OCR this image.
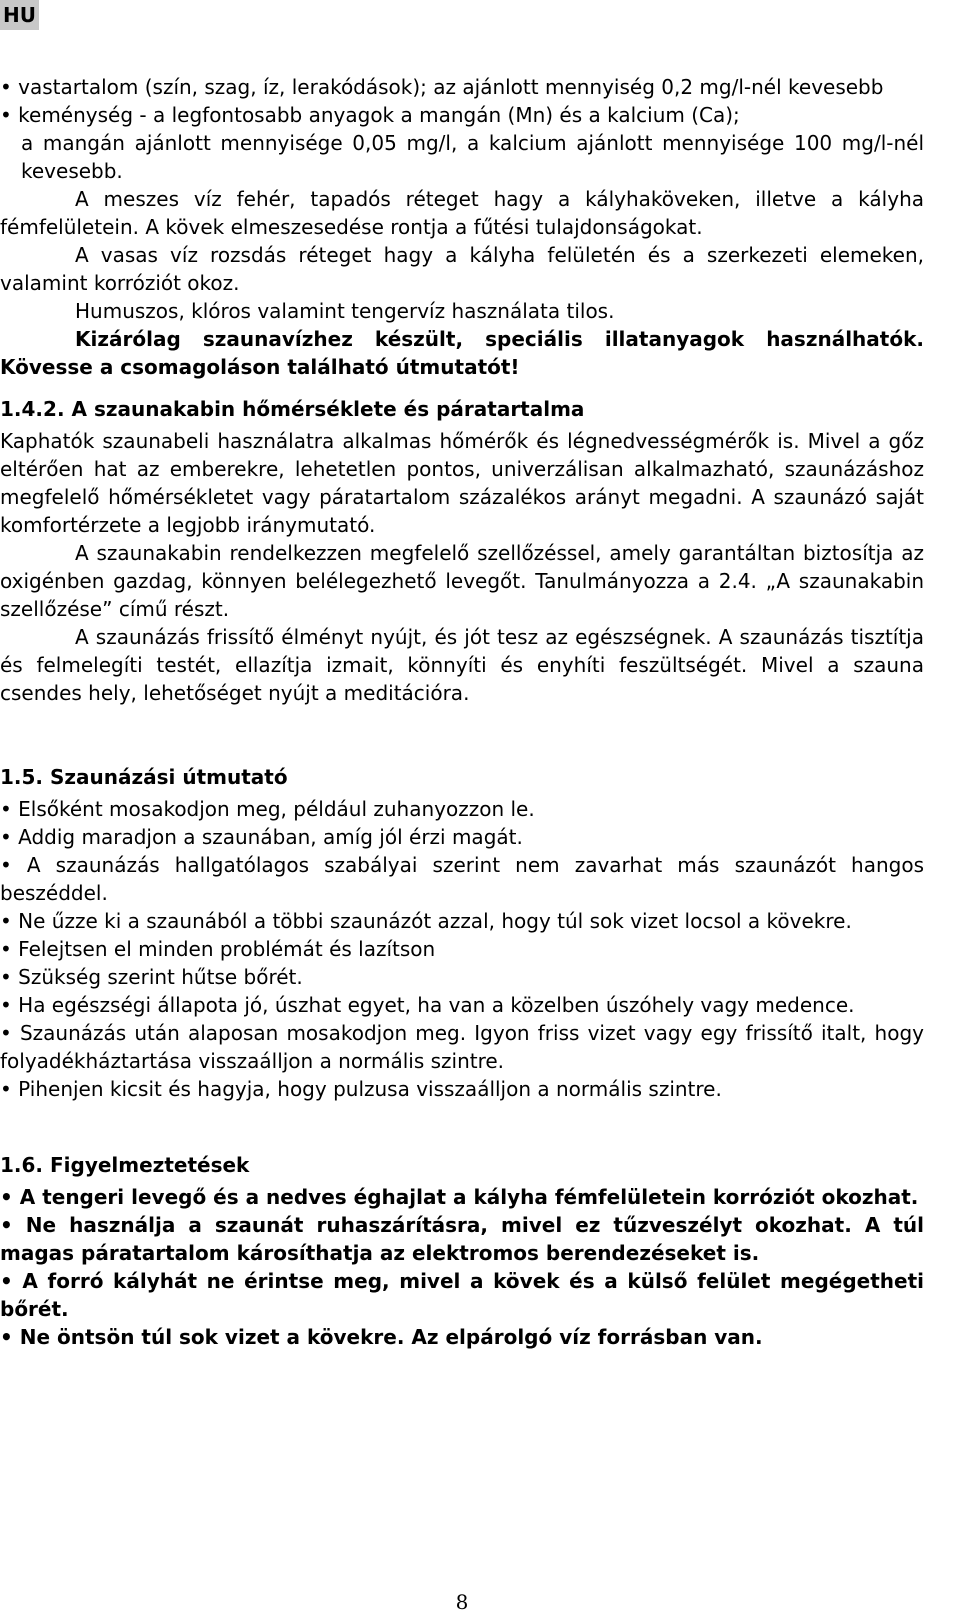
HU

• vastartalom (szín, szag, íz, lerakódások); az ajánlott mennyiség 0,2 mg/l-nél kevesebb

• keménység - a legfontosabb anyagok a mangán (Mn) és a kalcium (Ca);

a mangán ajánlott mennyisége 0,05 mg/l, a kalcium ajánlott mennyisége 100 mg/l-nél kevesebb.

A meszes víz fehér, tapadós réteget hagy a kályhaköveken, illetve a kályha fémfelületein. A kövek elmeszesedése rontja a fűtési tulajdonságokat.

A vasas víz rozsdás réteget hagy a kályha felületén és a szerkezeti elemeken, valamint korróziót okoz.

Humuszos, klóros valamint tengervíz használata tilos.

Kizárólag szaunavízhez készült, speciális illatanyagok használhatók. Kövesse a csomagoláson található útmutatót!

1.4.2. A szaunakabin hőmérséklete és páratartalma

Kaphatók szaunabeli használatra alkalmas hőmérők és légnedvességmérők is. Mivel a gőz eltérően hat az emberekre, lehetetlen pontos, univerzálisan alkalmazható, szaunázáshoz megfelelő hőmérsékletet vagy páratartalom százalékos arányt megadni. A szaunázó saját komfortérzete a legjobb iránymutató.

A szaunakabin rendelkezzen megfelelő szellőzéssel, amely garantáltan biztosítja az oxigénben gazdag, könnyen belélegezhető levegőt. Tanulmányozza a 2.4. „A szaunakabin szellőzése” című részt.

A szaunázás frissítő élményt nyújt, és jót tesz az egészségnek. A szaunázás tisztítja és felmelegíti testét, ellazítja izmait, könnyíti és enyhíti feszültségét. Mivel a szauna csendes hely, lehetőséget nyújt a meditációra.

1.5. Szaunázási útmutató

• Elsőként mosakodjon meg, például zuhanyozzon le.

• Addig maradjon a szaunában, amíg jól érzi magát.

• A szaunázás hallgatólagos szabályai szerint nem zavarhat más szaunázót hangos beszéddel.

• Ne űzze ki a szaunából a többi szaunázót azzal, hogy túl sok vizet locsol a kövekre.

• Felejtsen el minden problémát és lazítson

• Szükség szerint hűtse bőrét.

• Ha egészségi állapota jó, úszhat egyet, ha van a közelben úszóhely vagy medence.

• Szaunázás után alaposan mosakodjon meg. Igyon friss vizet vagy egy frissítő italt, hogy folyadékháztartása visszaálljon a normális szintre.

• Pihenjen kicsit és hagyja, hogy pulzusa visszaálljon a normális szintre.

1.6. Figyelmeztetések

• A tengeri levegő és a nedves éghajlat a kályha fémfelületein korróziót okozhat.

• Ne használja a szaunát ruhaszárításra, mivel ez tűzveszélyt okozhat. A túl magas páratartalom károsíthatja az elektromos berendezéseket is.

• A forró kályhát ne érintse meg, mivel a kövek és a külső felület megégetheti bőrét.

• Ne öntsön túl sok vizet a kövekre. Az elpárolgó víz forrásban van.

8
